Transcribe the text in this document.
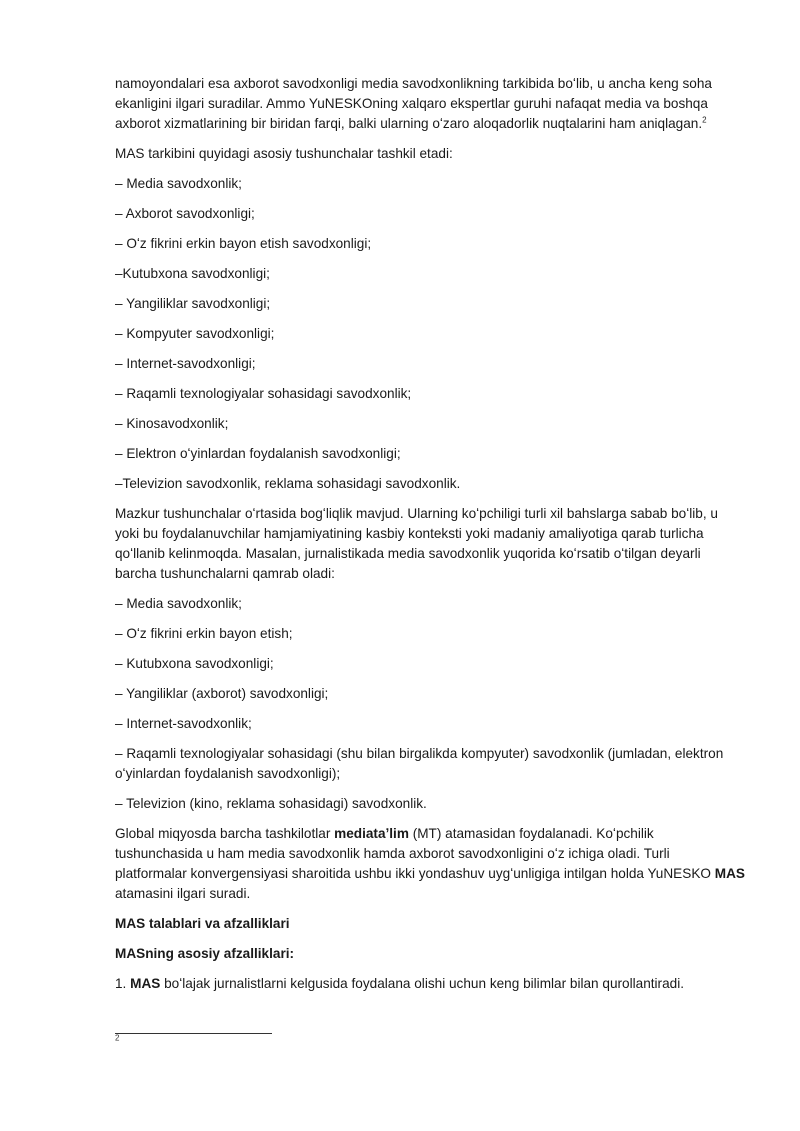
namoyondalari esa axborot savodxonligi media savodxonlikning tarkibida boʻlib, u ancha keng soha ekanligini ilgari suradilar. Ammo YuNESKOning xalqaro ekspertlar guruhi nafaqat media va boshqa axborot xizmatlarining bir biridan farqi, balki ularning oʻzaro aloqadorlik nuqtalarini ham aniqlagan.$^2$

MAS tarkibini quyidagi asosiy tushunchalar tashkil etadi:

– Media savodxonlik;

– Axborot savodxonligi;

– Oʻz fikrini erkin bayon etish savodxonligi;

–Kutubxona savodxonligi;

– Yangiliklar savodxonligi;

– Kompyuter savodxonligi;

– Internet-savodxonligi;

– Raqamli texnologiyalar sohasidagi savodxonlik;

– Kinosavodxonlik;

– Elektron oʻyinlardan foydalanish savodxonligi;

–Televizion savodxonlik, reklama sohasidagi savodxonlik.

Mazkur tushunchalar oʻrtasida bogʻliqlik mavjud. Ularning koʻpchiligi turli xil bahslarga sabab boʻlib, u yoki bu foydalanuvchilar hamjamiyatining kasbiy konteksti yoki madaniy amaliyotiga qarab turlicha qoʻllanib kelinmoqda. Masalan, jurnalistikada media savodxonlik yuqorida koʻrsatib oʻtilgan deyarli barcha tushunchalarni qamrab oladi:

– Media savodxonlik;

– Oʻz fikrini erkin bayon etish;

– Kutubxona savodxonligi;

– Yangiliklar (axborot) savodxonligi;

– Internet-savodxonlik;

– Raqamli texnologiyalar sohasidagi (shu bilan birgalikda kompyuter) savodxonlik (jumladan, elektron oʻyinlardan foydalanish savodxonligi);

– Televizion (kino, reklama sohasidagi) savodxonlik.

Global miqyosda barcha tashkilotlar mediataʼlim (MT) atamasidan foydalanadi. Koʻpchilik tushunchasida u ham media savodxonlik hamda axborot savodxonligini oʻz ichiga oladi. Turli platformalar konvergensiyasi sharoitida ushbu ikki yondashuv uygʻunligiga intilgan holda YuNESKO MAS atamasini ilgari suradi.

MAS talablari va afzalliklari

MASning asosiy afzalliklari:

1. MAS boʻlajak jurnalistlarni kelgusida foydalana olishi uchun keng bilimlar bilan qurollantiradi.

$^2$
